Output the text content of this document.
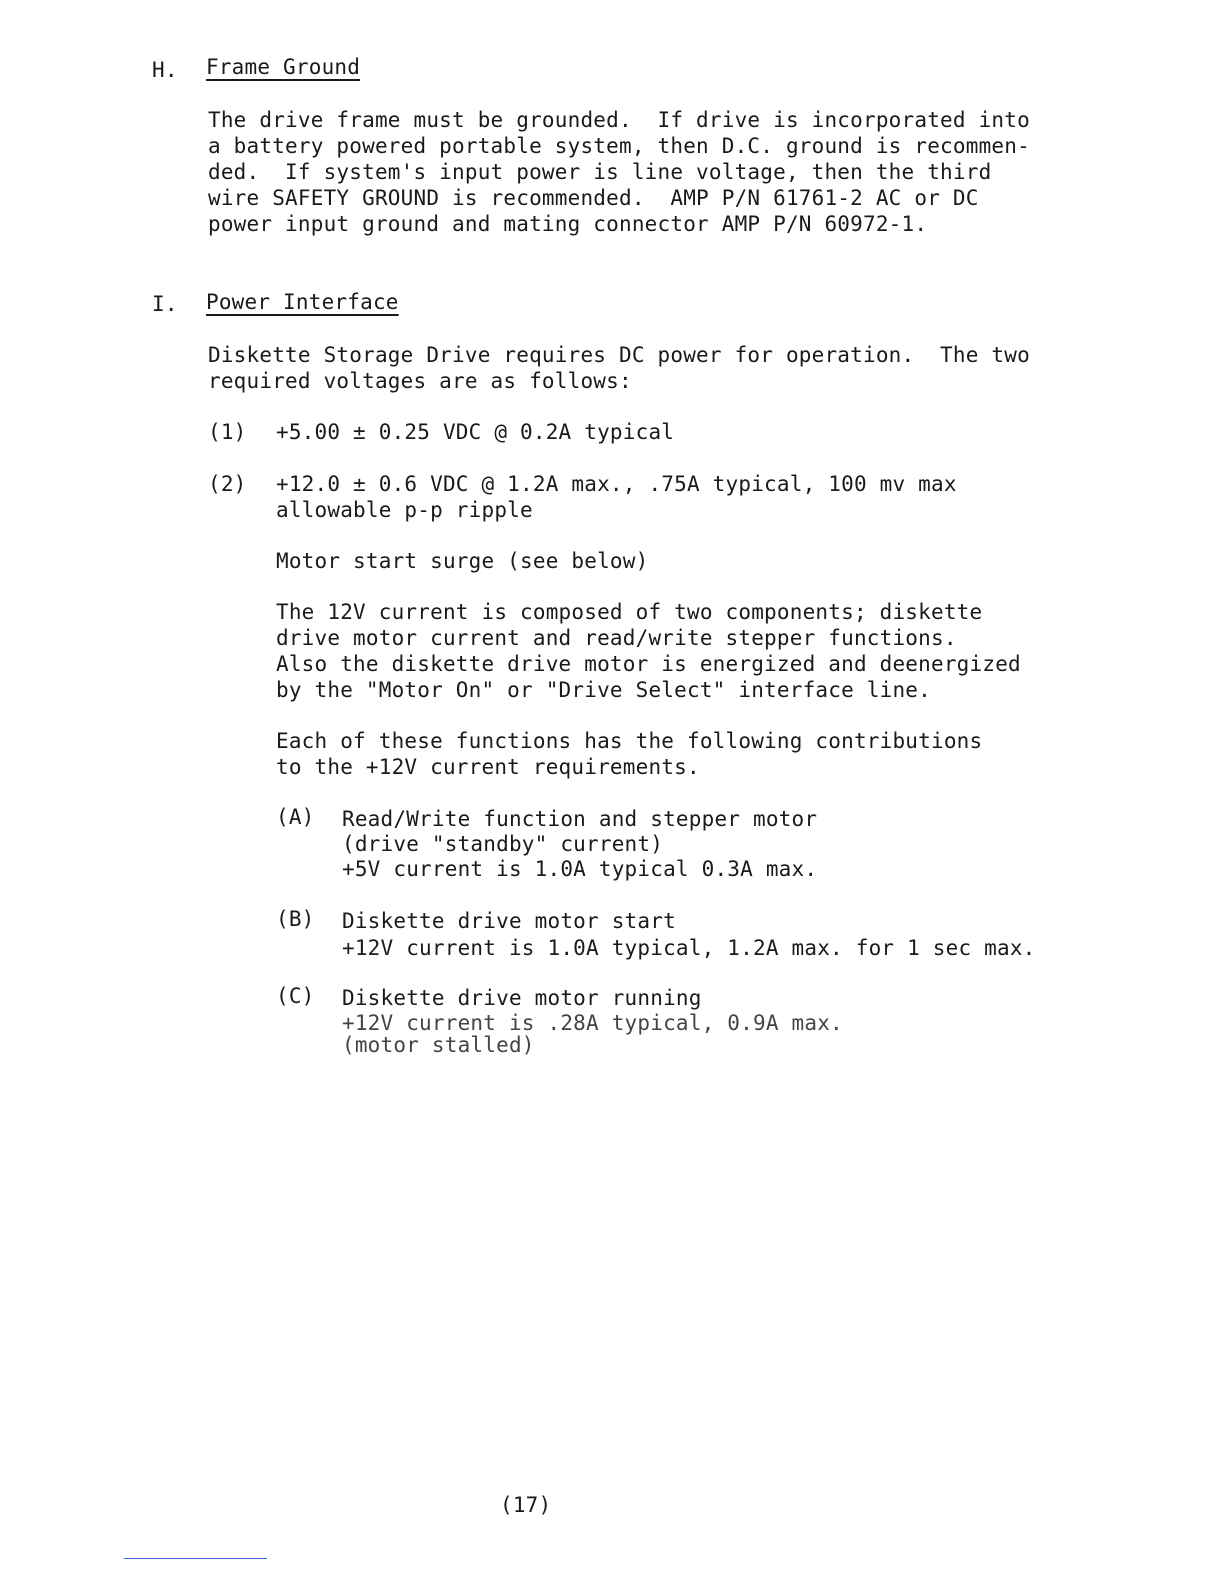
H. Frame Ground
The drive frame must be grounded.  If drive is incorporated into
a battery powered portable system, then D.C. ground is recommen-
ded.  If system's input power is line voltage, then the third
wire SAFETY GROUND is recommended.  AMP P/N 61761-2 AC or DC
power input ground and mating connector AMP P/N 60972-1.
I. Power Interface
Diskette Storage Drive requires DC power for operation.  The two
required voltages are as follows:
(1) +5.00 ± 0.25 VDC @ 0.2A typical
(2) +12.0 ± 0.6 VDC @ 1.2A max., .75A typical, 100 mv max
allowable p-p ripple
Motor start surge (see below)
The 12V current is composed of two components; diskette
drive motor current and read/write stepper functions.
Also the diskette drive motor is energized and deenergized
by the "Motor On" or "Drive Select" interface line.
Each of these functions has the following contributions
to the +12V current requirements.
(A) Read/Write function and stepper motor
(drive "standby" current)
+5V current is 1.0A typical 0.3A max.
(B) Diskette drive motor start
+12V current is 1.0A typical, 1.2A max. for 1 sec max.
(C) Diskette drive motor running
+12V current is .28A typical, 0.9A max.
(motor stalled)
(17)
